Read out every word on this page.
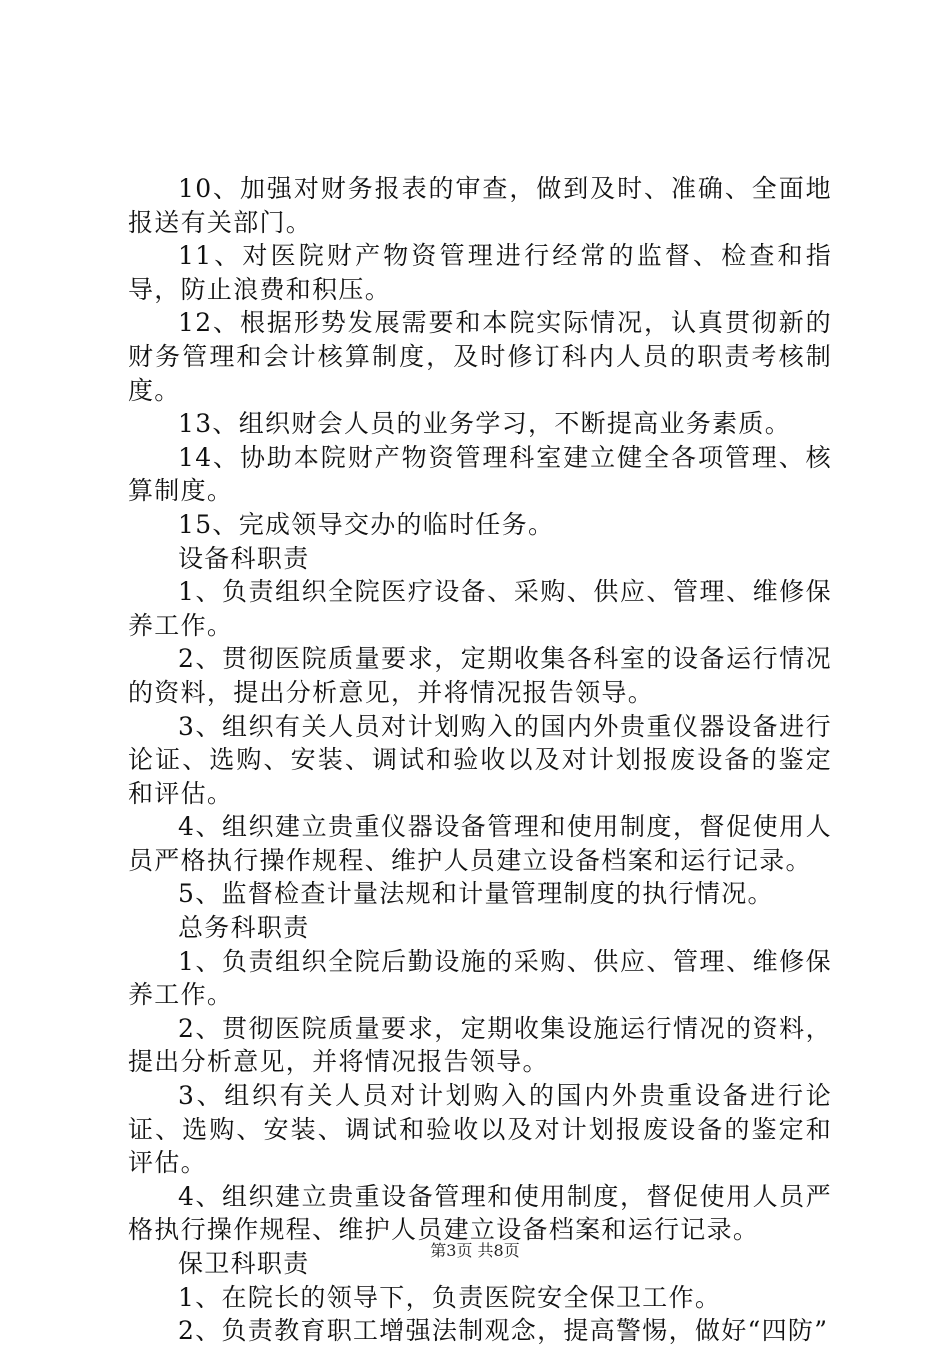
10、加强对财务报表的审查，做到及时、准确、全面地报送有关部门。

11、对医院财产物资管理进行经常的监督、检查和指导，防止浪费和积压。

12、根据形势发展需要和本院实际情况，认真贯彻新的财务管理和会计核算制度，及时修订科内人员的职责考核制度。

13、组织财会人员的业务学习，不断提高业务素质。

14、协助本院财产物资管理科室建立健全各项管理、核算制度。

15、完成领导交办的临时任务。

设备科职责

1、负责组织全院医疗设备、采购、供应、管理、维修保养工作。

2、贯彻医院质量要求，定期收集各科室的设备运行情况的资料，提出分析意见，并将情况报告领导。

3、组织有关人员对计划购入的国内外贵重仪器设备进行论证、选购、安装、调试和验收以及对计划报废设备的鉴定和评估。

4、组织建立贵重仪器设备管理和使用制度，督促使用人员严格执行操作规程、维护人员建立设备档案和运行记录。

5、监督检查计量法规和计量管理制度的执行情况。

总务科职责

1、负责组织全院后勤设施的采购、供应、管理、维修保养工作。

2、贯彻医院质量要求，定期收集设施运行情况的资料，提出分析意见，并将情况报告领导。

3、组织有关人员对计划购入的国内外贵重设备进行论证、选购、安装、调试和验收以及对计划报废设备的鉴定和评估。

4、组织建立贵重设备管理和使用制度，督促使用人员严格执行操作规程、维护人员建立设备档案和运行记录。

保卫科职责

1、在院长的领导下，负责医院安全保卫工作。

2、负责教育职工增强法制观念，提高警惕，做好“四防”

第3页 共8页
